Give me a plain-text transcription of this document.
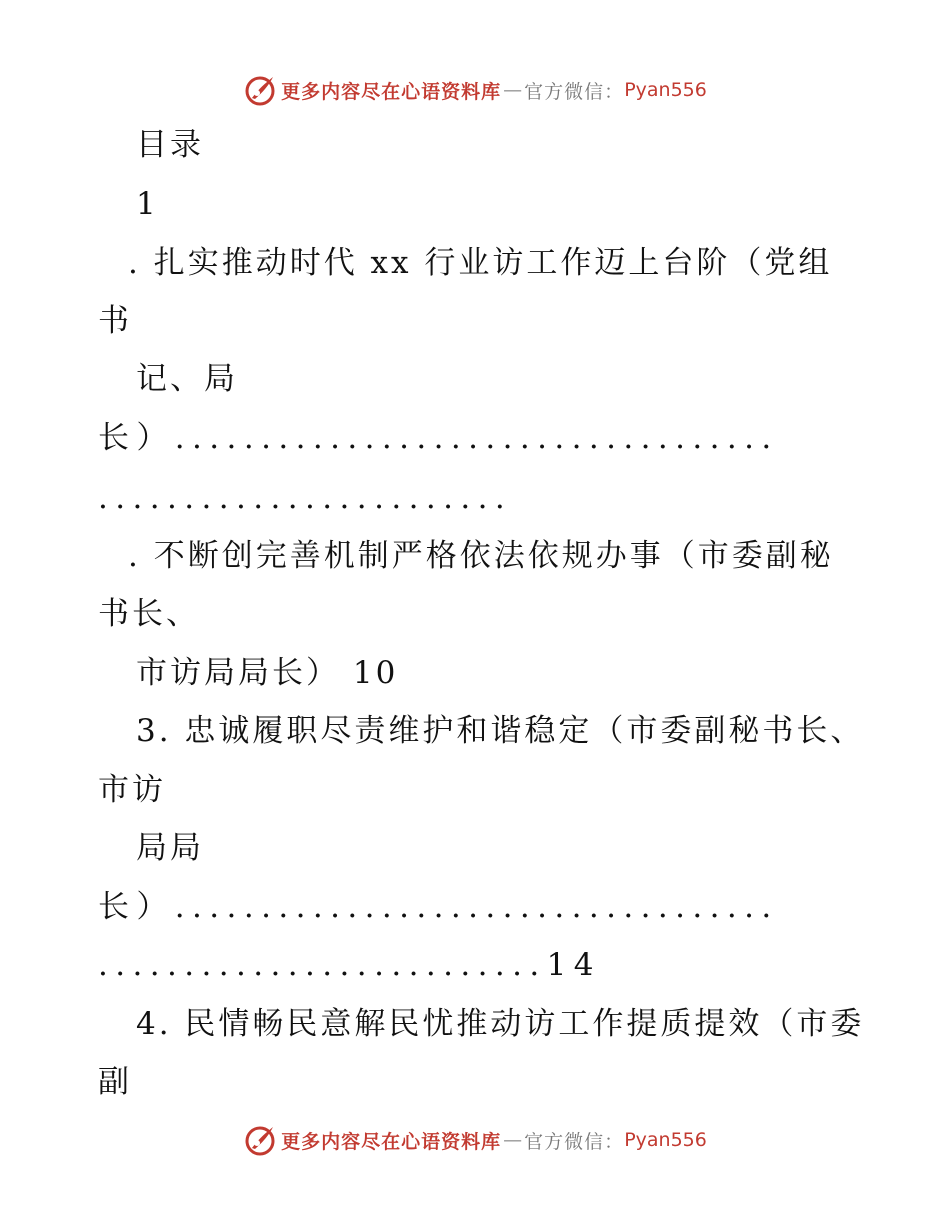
更多内容尽在心语资料库 — 官方微信： Pyan556
目录
1
. 扎实推动时代 xx 行业访工作迈上台阶（党组
书
记、局
长）...................................
........................
. 不断创完善机制严格依法依规办事（市委副秘
书长、
市访局局长） 10
3. 忠诚履职尽责维护和谐稳定（市委副秘书长、
市访
局局
长）...................................
..........................14
4. 民情畅民意解民忧推动访工作提质提效（市委
副
更多内容尽在心语资料库 — 官方微信： Pyan556
